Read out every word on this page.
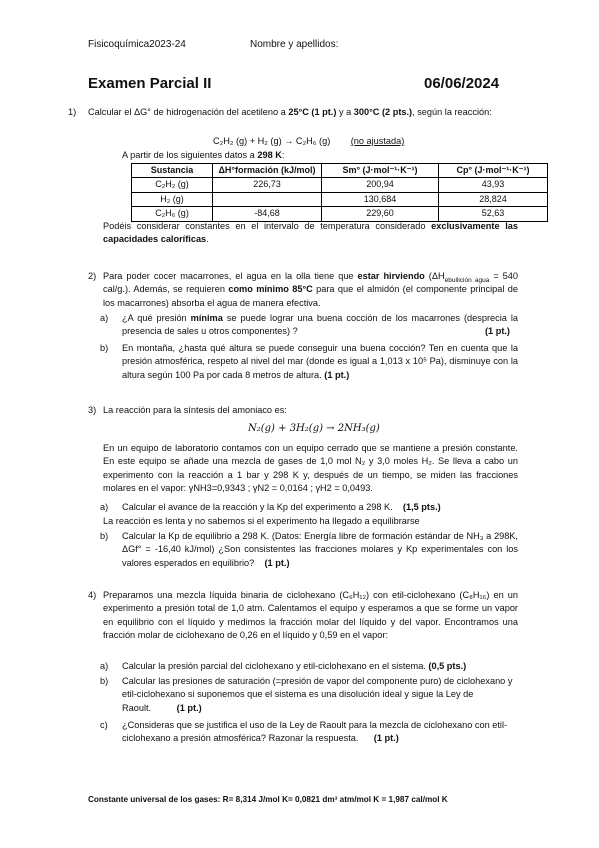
Fisicoquímica2023-24	Nombre y apellidos:
Examen Parcial II	06/06/2024
1) Calcular el ΔG° de hidrogenación del acetileno a 25°C (1 pt.) y a 300°C (2 pts.), según la reacción:
C₂H₂ (g) + H₂ (g) → C₂H₆ (g) (no ajustada)
A partir de los siguientes datos a 298 K:
Sustancia	ΔH°formación (kJ/mol)	Sm° (J·mol⁻¹·K⁻¹)	Cp° (J·mol⁻¹·K⁻¹)
C₂H₂ (g)	226,73	200,94	43,93
H₂ (g)		130,684	28,824
C₂H₆ (g)	-84,68	229,60	52,63
Podéis considerar constantes en el intervalo de temperatura considerado exclusivamente las capacidades caloríficas.
2) Para poder cocer macarrones, el agua en la olla tiene que estar hirviendo ($\Delta H_{ebullición agua} = 540$ cal/g.). Además, se requieren como mínimo 85°C para que el almidón (el componente principal de los macarrones) absorba el agua de manera efectiva.
a) ¿A qué presión mínima se puede lograr una buena cocción de los macarrones (desprecia la presencia de sales u otros componentes) ?	(1 pt.)
b) En montaña, ¿hasta qué altura se puede conseguir una buena cocción? Ten en cuenta que la presión atmosférica, respeto al nivel del mar (donde es igual a 1,013 x 10⁵ Pa), disminuye con la altura según 100 Pa por cada 8 metros de altura. (1 pt.)
3) La reacción para la síntesis del amoniaco es:
N₂(g) + 3H₂(g) → 2NH₃(g)
En un equipo de laboratorio contamos con un equipo cerrado que se mantiene a presión constante. En este equipo se añade una mezcla de gases de 1,0 mol N₂ y 3,0 moles H₂. Se lleva a cabo un experimento con la reacción a 1 bar y 298 K y, después de un tiempo, se miden las fracciones molares en el vapor: γNH3=0,9343 ; γN2 = 0,0164 ; γH2 = 0,0493.
a) Calcular el avance de la reacción y la Kp del experimento a 298 K. (1,5 pts.)
La reacción es lenta y no sabemos si el experimento ha llegado a equilibrarse
b) Calcular la Kp de equilibrio a 298 K. (Datos: Energía libre de formación estándar de NH₃ a 298K, ΔGf° = -16,40 kJ/mol) ¿Son consistentes las fracciones molares y Kp experimentales con los valores esperados en equilibrio? (1 pt.)
4) Preparamos una mezcla líquida binaria de ciclohexano (C₆H₁₂) con etil-ciclohexano (C₈H₁₆) en un experimento a presión total de 1,0 atm. Calentamos el equipo y esperamos a que se forme un vapor en equilibrio con el líquido y medimos la fracción molar del líquido y del vapor. Encontramos una fracción molar de ciclohexano de 0,26 en el líquido y 0,59 en el vapor:
a) Calcular la presión parcial del ciclohexano y etil-ciclohexano en el sistema. (0,5 pts.)
b) Calcular las presiones de saturación (=presión de vapor del componente puro) de ciclohexano y etil-ciclohexano si suponemos que el sistema es una disolución ideal y sigue la Ley de Raoult.	(1 pt.)
c) ¿Consideras que se justifica el uso de la Ley de Raoult para la mezcla de ciclohexano con etil-ciclohexano a presión atmosférica? Razonar la respuesta. (1 pt.)
Constante universal de los gases: R= 8,314 J/mol K= 0,0821 dm³ atm/mol K = 1,987 cal/mol K
